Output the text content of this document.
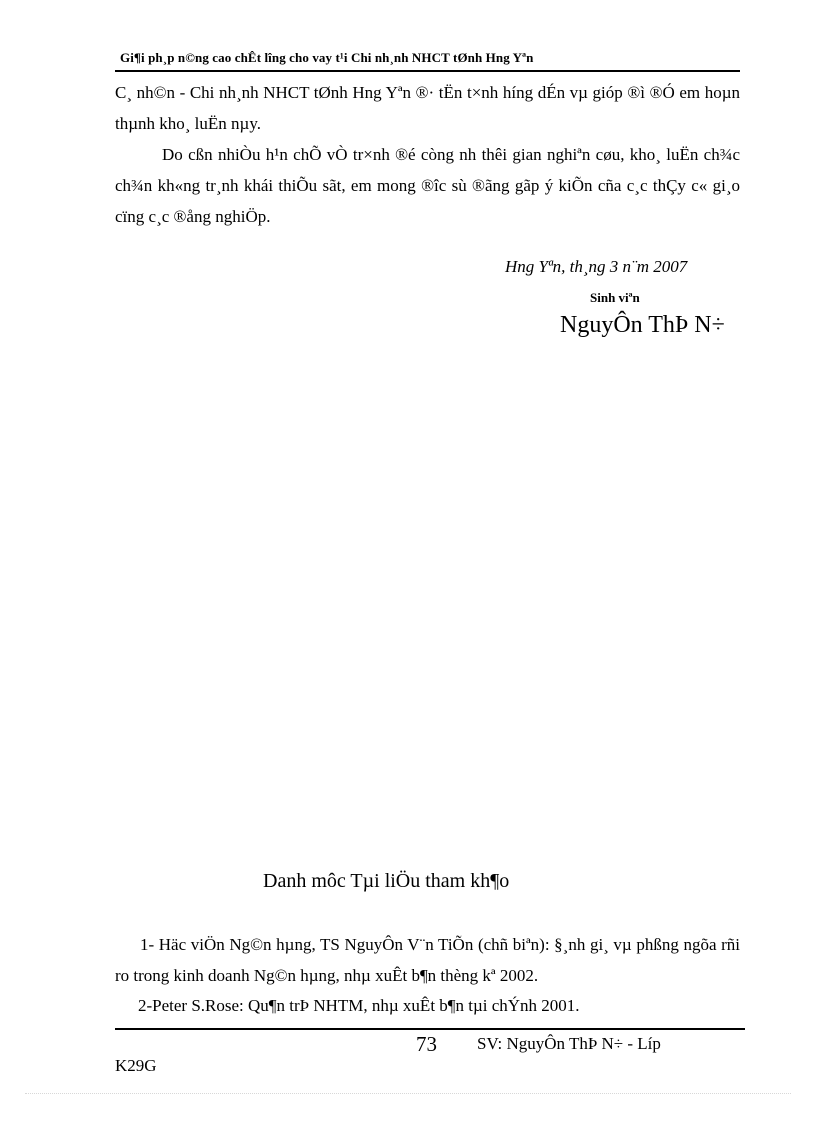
Gi¶i ph¸p n©ng cao chÊt lîng cho vay t¹i Chi nh¸nh NHCT tØnh Hng Yªn

C¸ nh©n - Chi nh¸nh NHCT tØnh Hng Yªn ®· tËn t×nh híng dÉn vµ gióp ®ì ®Ó em hoµn thµnh kho¸ luËn nµy.

Do cßn nhiÒu h¹n chÕ vÒ tr×nh ®é còng nh thêi gian nghiªn cøu, kho¸ luËn ch¾c ch¾n kh«ng tr¸nh khái thiÕu sãt, em mong ®îc sù ®ãng gãp ý kiÕn cña c¸c thÇy c« gi¸o cïng c¸c ®ång nghiÖp.

Hng Yªn, th¸ng 3 n¨m 2007
Sinh viªn
NguyÔn ThÞ N÷
Danh môc Tµi liÖu tham kh¶o

1- Häc viÖn Ng©n hµng, TS NguyÔn V¨n TiÕn (chñ biªn): §¸nh gi¸ vµ phßng ngõa rñi ro trong kinh doanh Ng©n hµng, nhµ xuÊt b¶n thèng kª 2002.

2-Peter S.Rose: Qu¶n trÞ NHTM, nhµ xuÊt b¶n tµi chÝnh 2001.

73 SV: NguyÔn ThÞ N÷ - Líp
K29G
